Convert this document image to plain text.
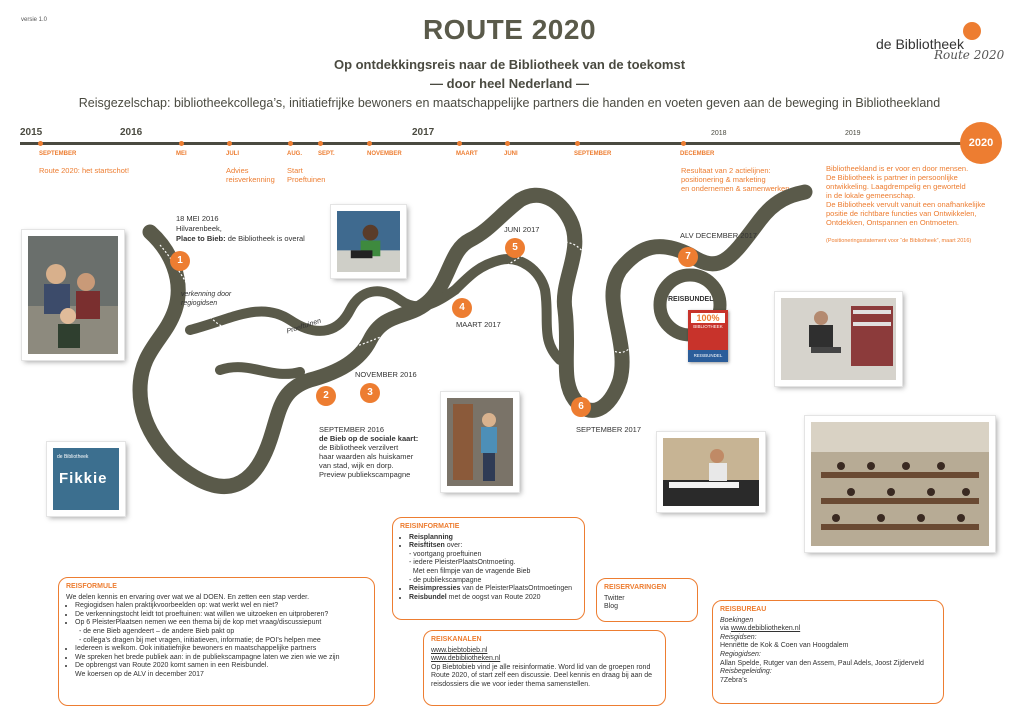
versie 1.0	ROUTE 2020
Op ontdekkingsreis naar de Bibliotheek van de toekomst
— door heel Nederland —
Reisgezelschap: bibliotheekcollega’s, initiatiefrijke bewoners en maatschappelijke partners die handen en voeten geven aan de beweging in Bibliotheekland
de Bibliotheek
Route 2020
2015	2016	2017	2018	2019
2020
SEPTEMBER	MEI	JULI	AUG.	SEPT.	NOVEMBER	MAART	JUNI	SEPTEMBER	DECEMBER
Route 2020: het startschot!	Advies
reisverkenning
Start
Proeftuinen
Resultaat van 2 actielijnen:
positionering & marketing
en ondernemen & samenwerken.
Bibliotheekland is er voor en door mensen.
De Bibliotheek is partner in persoonlijke
ontwikkeling. Laagdrempelig en geworteld
in de lokale gemeenschap.
De Bibliotheek vervult vanuit een onafhankelijke
positie de richtbare functies van Ontwikkelen,
Ontdekken, Ontspannen en Ontmoeten.
(Positioneringsstatement voor “de Bibliotheek”, maart 2016)
1
2	3
4
5
6
7
18 MEI 2016
Hilvarenbeek,
Place to Bieb: de Bibliotheek is overal
verkenning door
regiogidsen
Proeftuinen
NOVEMBER 2016
MAART 2017
JUNI 2017
SEPTEMBER 2017
ALV DECEMBER 2017
REISBUNDEL
SEPTEMBER 2016
de Bieb op de sociale kaart:
de Bibliotheek verzilvert
haar waarden als huiskamer
van stad, wijk en dorp.
Preview publiekscampagne
100%
BIBLIOTHEEK
REISBUNDEL
de Bibliotheek
Fikkie
REISINFORMATIE
• Reisplanning
• Reisftitsen over:
- voortgang proeftuinen
- iedere PleisterPlaatsOntmoeting.
Met een filmpje van de vragende Bieb
- de publiekscampagne
• Reisimpressies van de PleisterPlaatsOntmoetingen
• Reisbundel met de oogst van Route 2020
REISERVARINGEN
Twitter
Blog
REISKANALEN
www.biebtobieb.nl
www.debibliotheken.nl
Op Biebtobieb vind je alle reisinformatie. Word lid van de groepen rond Route 2020, of start zelf een discussie. Deel kennis en draag bij aan de reisdossiers die we voor ieder thema samenstellen.
REISFORMULE
We delen kennis en ervaring over wat we al DOEN. En zetten een stap verder.
• Regiogidsen halen praktijkvoorbeelden op: wat werkt wel en niet?
• De verkenningstocht leidt tot proeftuinen: wat willen we uitzoeken en uitproberen?
• Op 6 PleisterPlaatsen nemen we een thema bij de kop met vraag/discussiepunt
- de ene Bieb agendeert – de andere Bieb pakt op
- collega’s dragen bij met vragen, initiatieven, informatie; de POI’s helpen mee
• Iedereen is welkom. Ook initiatiefrijke bewoners en maatschappelijke partners
• We spreken het brede publiek aan: in de publiekscampagne laten we zien wie we zijn
• De opbrengst van Route 2020 komt samen in een Reisbundel.
We koersen op de ALV in december 2017
REISBUREAU
Boekingen
via www.debibliotheken.nl
Reisgidsen:
Henriëtte de Kok & Coen van Hoogdalem
Regiogidsen:
Allan Spelde, Rutger van den Assem, Paul Adels, Joost Zijderveld
Reisbegeleiding:
7Zebra’s
